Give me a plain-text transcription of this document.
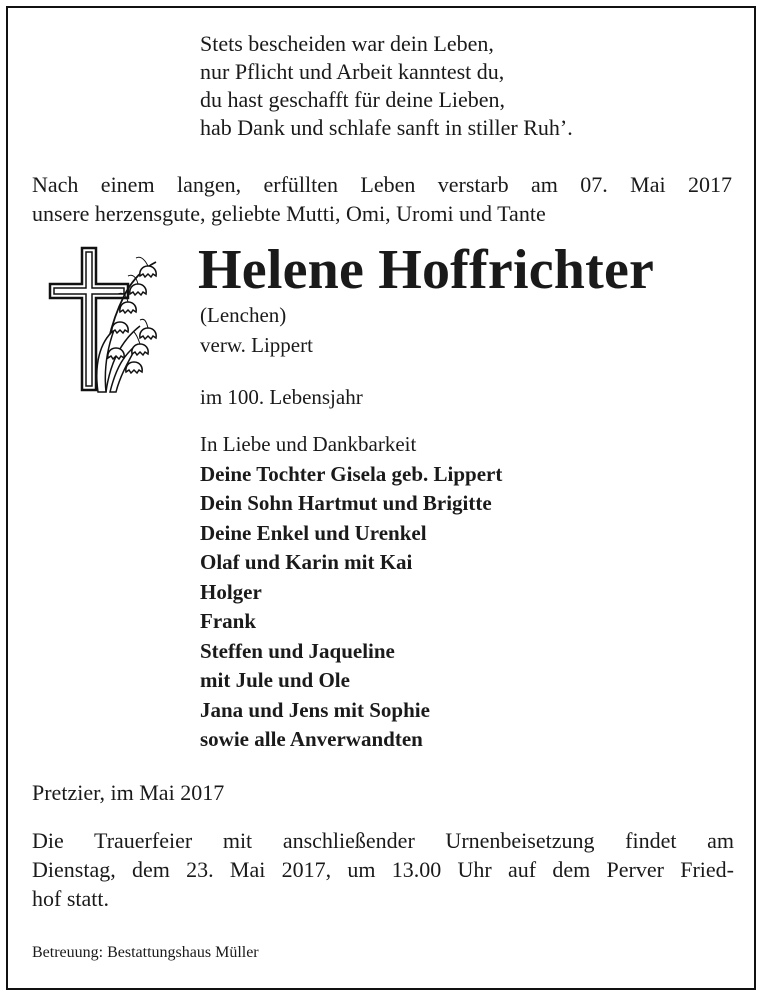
Stets bescheiden war dein Leben,
nur Pflicht und Arbeit kanntest du,
du hast geschafft für deine Lieben,
hab Dank und schlafe sanft in stiller Ruh’.
Nach einem langen, erfüllten Leben verstarb am 07. Mai 2017
unsere herzensgute, geliebte Mutti, Omi, Uromi und Tante
Helene Hoffrichter
(Lenchen)
verw. Lippert
im 100. Lebensjahr
In Liebe und Dankbarkeit
Deine Tochter Gisela geb. Lippert
Dein Sohn Hartmut und Brigitte
Deine Enkel und Urenkel
Olaf und Karin mit Kai
Holger
Frank
Steffen und Jaqueline
mit Jule und Ole
Jana und Jens mit Sophie
sowie alle Anverwandten
Pretzier, im Mai 2017
Die Trauerfeier mit anschließender Urnenbeisetzung findet am
Dienstag, dem 23. Mai 2017, um 13.00 Uhr auf dem Perver Fried-
hof statt.
Betreuung: Bestattungshaus Müller
